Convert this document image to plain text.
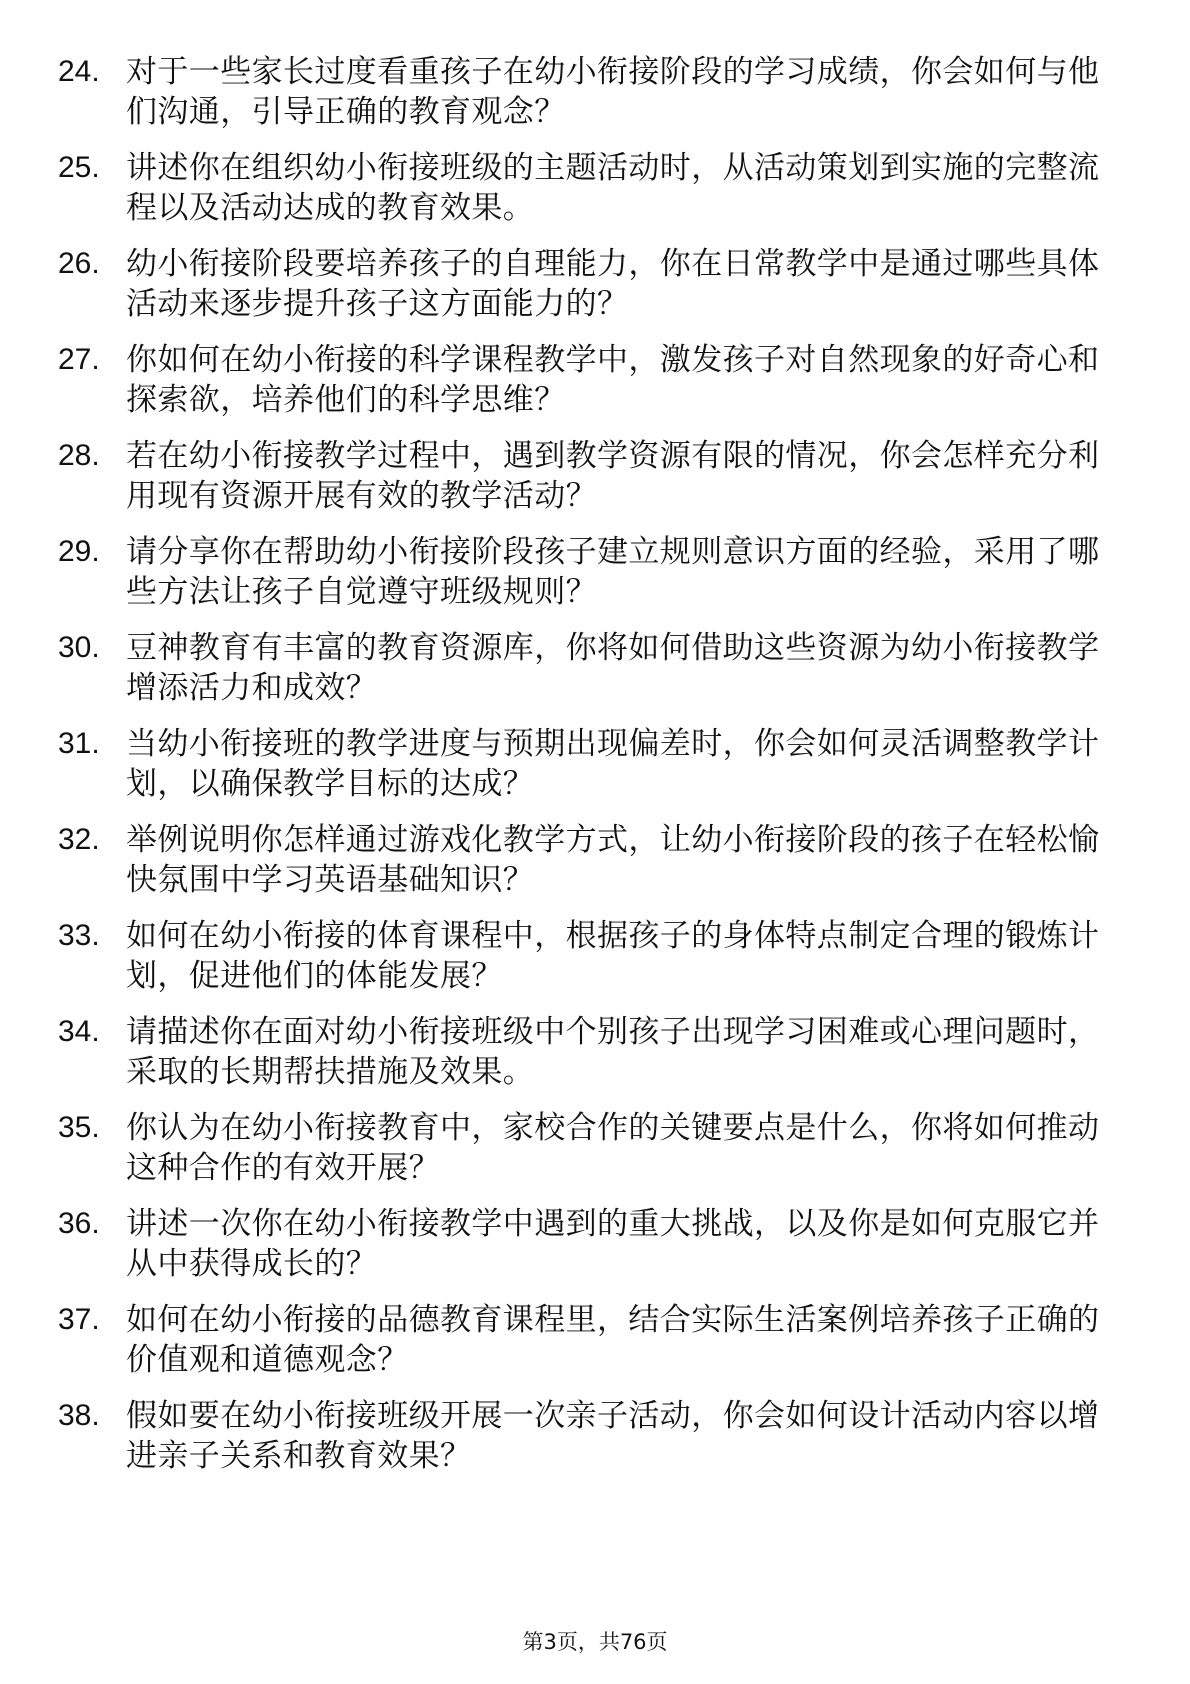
24. 对于一些家长过度看重孩子在幼小衔接阶段的学习成绩，你会如何与他们沟通，引导正确的教育观念？
25. 讲述你在组织幼小衔接班级的主题活动时，从活动策划到实施的完整流程以及活动达成的教育效果。
26. 幼小衔接阶段要培养孩子的自理能力，你在日常教学中是通过哪些具体活动来逐步提升孩子这方面能力的？
27. 你如何在幼小衔接的科学课程教学中，激发孩子对自然现象的好奇心和探索欲，培养他们的科学思维？
28. 若在幼小衔接教学过程中，遇到教学资源有限的情况，你会怎样充分利用现有资源开展有效的教学活动？
29. 请分享你在帮助幼小衔接阶段孩子建立规则意识方面的经验，采用了哪些方法让孩子自觉遵守班级规则？
30. 豆神教育有丰富的教育资源库，你将如何借助这些资源为幼小衔接教学增添活力和成效？
31. 当幼小衔接班的教学进度与预期出现偏差时，你会如何灵活调整教学计划，以确保教学目标的达成？
32. 举例说明你怎样通过游戏化教学方式，让幼小衔接阶段的孩子在轻松愉快氛围中学习英语基础知识？
33. 如何在幼小衔接的体育课程中，根据孩子的身体特点制定合理的锻炼计划，促进他们的体能发展？
34. 请描述你在面对幼小衔接班级中个别孩子出现学习困难或心理问题时，采取的长期帮扶措施及效果。
35. 你认为在幼小衔接教育中，家校合作的关键要点是什么，你将如何推动这种合作的有效开展？
36. 讲述一次你在幼小衔接教学中遇到的重大挑战，以及你是如何克服它并从中获得成长的？
37. 如何在幼小衔接的品德教育课程里，结合实际生活案例培养孩子正确的价值观和道德观念？
38. 假如要在幼小衔接班级开展一次亲子活动，你会如何设计活动内容以增进亲子关系和教育效果？
第3页，共76页
